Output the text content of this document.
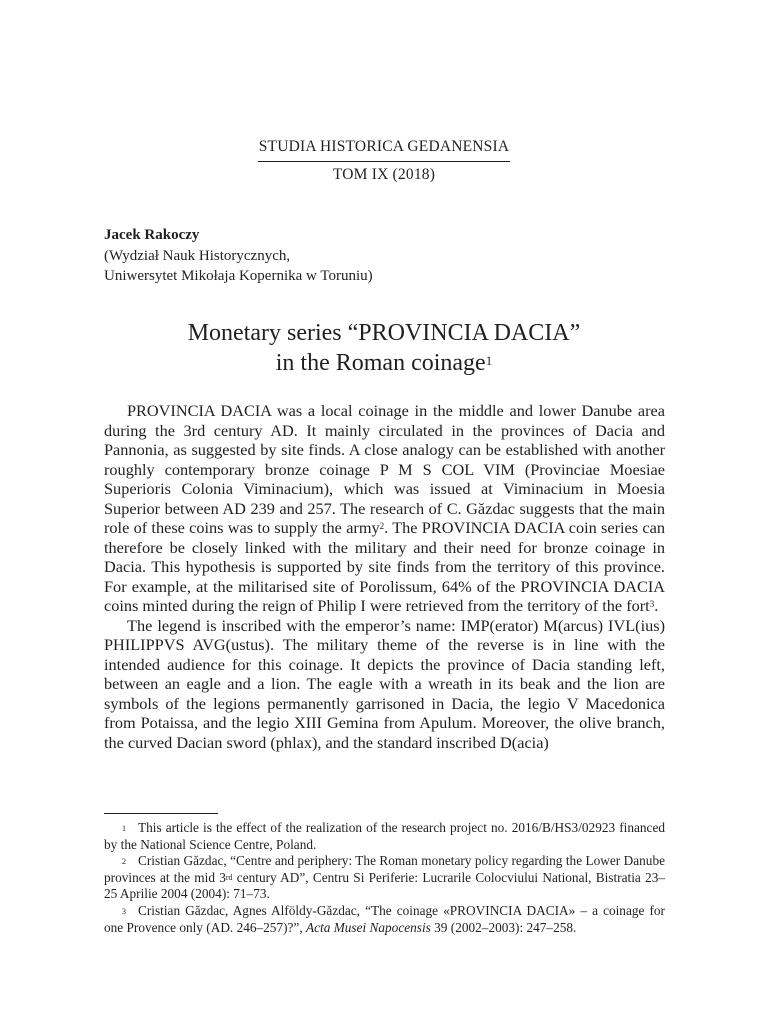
STUDIA HISTORICA GEDANENSIA
TOM IX (2018)
Jacek Rakoczy
(Wydział Nauk Historycznych,
Uniwersytet Mikołaja Kopernika w Toruniu)
Monetary series “PROVINCIA DACIA”
in the Roman coinage$^1$

PROVINCIA DACIA was a local coinage in the middle and lower Danube area during the 3rd century AD. It mainly circulated in the provinces of Dacia and Pannonia, as suggested by site finds. A close analogy can be established with another roughly contemporary bronze coinage P M S COL VIM (Provinciae Moesiae Superioris Colonia Viminacium), which was issued at Viminacium in Moesia Superior between AD 239 and 257. The research of C. Găzdac suggests that the main role of these coins was to supply the army$^2$. The PROVINCIA DACIA coin series can therefore be closely linked with the military and their need for bronze coinage in Dacia. This hypothesis is supported by site finds from the territory of this province. For example, at the militarised site of Porolissum, 64% of the PROVINCIA DACIA coins minted during the reign of Philip I were retrieved from the territory of the fort$^3$.

The legend is inscribed with the emperor’s name: IMP(erator) M(arcus) IVL(ius) PHILIPPVS AVG(ustus). The military theme of the reverse is in line with the intended audience for this coinage. It depicts the province of Dacia standing left, between an eagle and a lion. The eagle with a wreath in its beak and the lion are symbols of the legions permanently garrisoned in Dacia, the legio V Macedonica from Potaissa, and the legio XIII Gemina from Apulum. Moreover, the olive branch, the curved Dacian sword (phlax), and the standard inscribed D(acia)

$^1$ This article is the effect of the realization of the research project no. 2016/B/HS3/02923 financed by the National Science Centre, Poland.

$^2$ Cristian Găzdac, “Centre and periphery: The Roman monetary policy regarding the Lower Danube provinces at the mid 3rd century AD”, Centru Si Periferie: Lucrarile Colocviului National, Bistratia 23–25 Aprilie 2004 (2004): 71–73.

$^3$ Cristian Găzdac, Agnes Alföldy-Găzdac, “The coinage «PROVINCIA DACIA» – a coinage for one Provence only (AD. 246–257)?”, Acta Musei Napocensis 39 (2002–2003): 247–258.
